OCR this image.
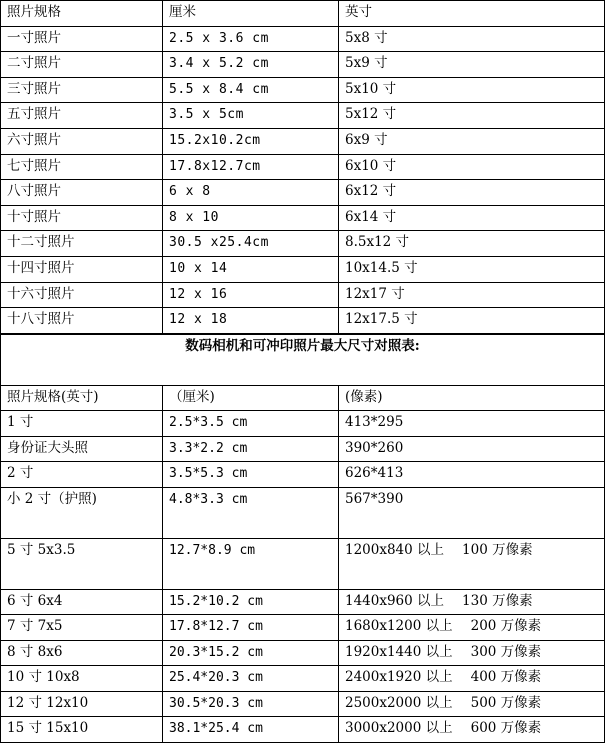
照片规格	厘米	英寸
一寸照片	2.5 x 3.6 cm	5x8 寸
二寸照片	3.4 x 5.2 cm	5x9 寸
三寸照片	5.5 x 8.4 cm	5x10 寸
五寸照片	3.5 x 5cm	5x12 寸
六寸照片	15.2x10.2cm	6x9 寸
七寸照片	17.8x12.7cm	6x10 寸
八寸照片	6 x 8	6x12 寸
十寸照片	8 x 10	6x14 寸
十二寸照片	30.5 x25.4cm	8.5x12 寸
十四寸照片	10 x 14	10x14.5 寸
十六寸照片	12 x 16	12x17 寸
十八寸照片	12 x 18	12x17.5 寸
数码相机和可冲印照片最大尺寸对照表:		
照片规格(英寸)	（厘米)	(像素)
1 寸	2.5*3.5 cm	413*295
身份证大头照	3.3*2.2 cm	390*260
2 寸	3.5*5.3 cm	626*413
小 2 寸（护照)	4.8*3.3 cm	567*390
5 寸 5x3.5	12.7*8.9 cm	1200x840 以上 100 万像素
6 寸 6x4	15.2*10.2 cm	1440x960 以上 130 万像素
7 寸 7x5	17.8*12.7 cm	1680x1200 以上 200 万像素
8 寸 8x6	20.3*15.2 cm	1920x1440 以上 300 万像素
10 寸 10x8	25.4*20.3 cm	2400x1920 以上 400 万像素
12 寸 12x10	30.5*20.3 cm	2500x2000 以上 500 万像素
15 寸 15x10	38.1*25.4 cm	3000x2000 以上 600 万像素
